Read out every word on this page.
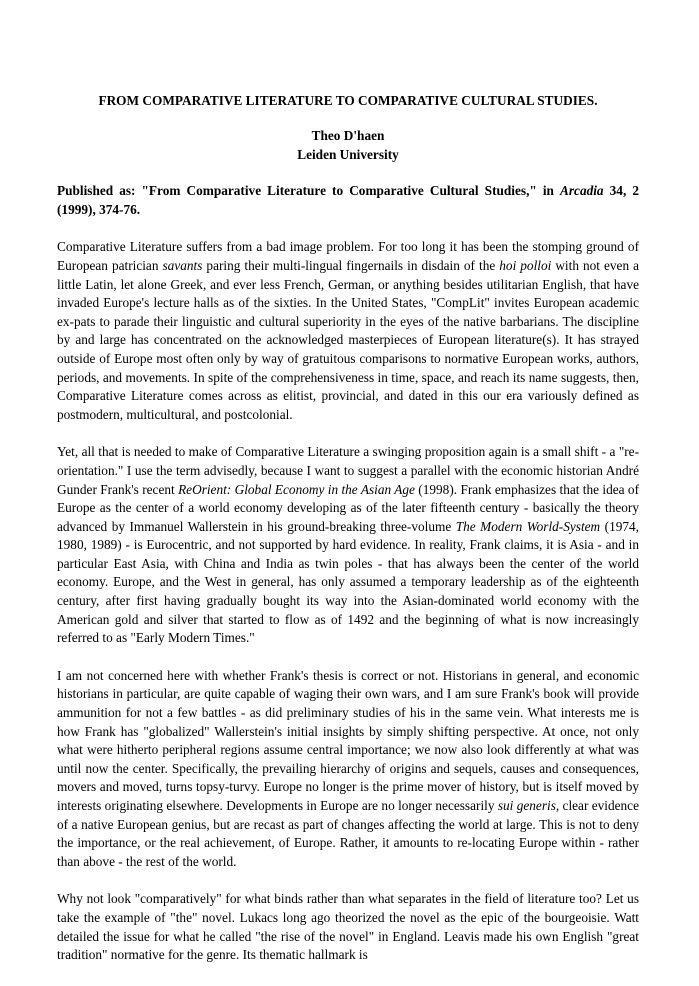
FROM COMPARATIVE LITERATURE TO COMPARATIVE CULTURAL STUDIES.
Theo D'haen
Leiden University
Published as: "From Comparative Literature to Comparative Cultural Studies," in Arcadia 34, 2 (1999), 374-76.

Comparative Literature suffers from a bad image problem. For too long it has been the stomping ground of European patrician savants paring their multi-lingual fingernails in disdain of the hoi polloi with not even a little Latin, let alone Greek, and ever less French, German, or anything besides utilitarian English, that have invaded Europe's lecture halls as of the sixties. In the United States, "CompLit" invites European academic ex-pats to parade their linguistic and cultural superiority in the eyes of the native barbarians. The discipline by and large has concentrated on the acknowledged masterpieces of European literature(s). It has strayed outside of Europe most often only by way of gratuitous comparisons to normative European works, authors, periods, and movements. In spite of the comprehensiveness in time, space, and reach its name suggests, then, Comparative Literature comes across as elitist, provincial, and dated in this our era variously defined as postmodern, multicultural, and postcolonial.

Yet, all that is needed to make of Comparative Literature a swinging proposition again is a small shift - a "re-orientation." I use the term advisedly, because I want to suggest a parallel with the economic historian André Gunder Frank's recent ReOrient: Global Economy in the Asian Age (1998). Frank emphasizes that the idea of Europe as the center of a world economy developing as of the later fifteenth century - basically the theory advanced by Immanuel Wallerstein in his ground-breaking three-volume The Modern World-System (1974, 1980, 1989) - is Eurocentric, and not supported by hard evidence. In reality, Frank claims, it is Asia - and in particular East Asia, with China and India as twin poles - that has always been the center of the world economy. Europe, and the West in general, has only assumed a temporary leadership as of the eighteenth century, after first having gradually bought its way into the Asian-dominated world economy with the American gold and silver that started to flow as of 1492 and the beginning of what is now increasingly referred to as "Early Modern Times."

I am not concerned here with whether Frank's thesis is correct or not. Historians in general, and economic historians in particular, are quite capable of waging their own wars, and I am sure Frank's book will provide ammunition for not a few battles - as did preliminary studies of his in the same vein. What interests me is how Frank has "globalized" Wallerstein's initial insights by simply shifting perspective. At once, not only what were hitherto peripheral regions assume central importance; we now also look differently at what was until now the center. Specifically, the prevailing hierarchy of origins and sequels, causes and consequences, movers and moved, turns topsy-turvy. Europe no longer is the prime mover of history, but is itself moved by interests originating elsewhere. Developments in Europe are no longer necessarily sui generis, clear evidence of a native European genius, but are recast as part of changes affecting the world at large. This is not to deny the importance, or the real achievement, of Europe. Rather, it amounts to re-locating Europe within - rather than above - the rest of the world.

Why not look "comparatively" for what binds rather than what separates in the field of literature too? Let us take the example of "the" novel. Lukacs long ago theorized the novel as the epic of the bourgeoisie. Watt detailed the issue for what he called "the rise of the novel" in England. Leavis made his own English "great tradition" normative for the genre. Its thematic hallmark is
